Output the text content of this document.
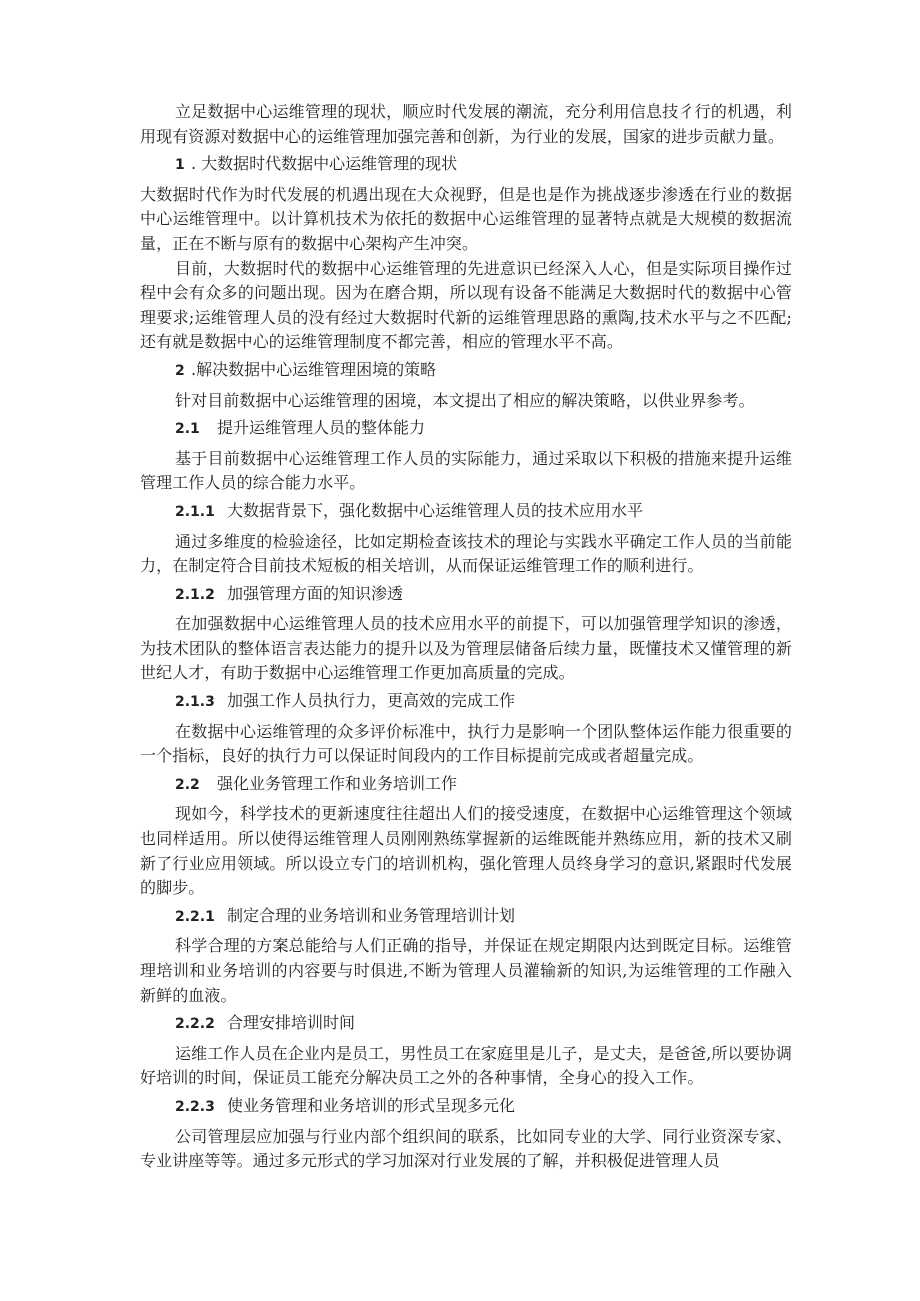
立足数据中心运维管理的现状，顺应时代发展的潮流，充分利用信息技彳行的机遇，利用现有资源对数据中心的运维管理加强完善和创新，为行业的发展，国家的进步贡献力量。

1 . 大数据时代数据中心运维管理的现状

大数据时代作为时代发展的机遇出现在大众视野，但是也是作为挑战逐步渗透在行业的数据中心运维管理中。以计算机技术为依托的数据中心运维管理的显著特点就是大规模的数据流量，正在不断与原有的数据中心架构产生冲突。

目前，大数据时代的数据中心运维管理的先进意识已经深入人心，但是实际项目操作过程中会有众多的问题出现。因为在磨合期，所以现有设备不能满足大数据时代的数据中心管理要求;运维管理人员的没有经过大数据时代新的运维管理思路的熏陶,技术水平与之不匹配;还有就是数据中心的运维管理制度不都完善，相应的管理水平不高。

2 .解决数据中心运维管理困境的策略

针对目前数据中心运维管理的困境，本文提出了相应的解决策略，以供业界参考。

2.1 提升运维管理人员的整体能力

基于目前数据中心运维管理工作人员的实际能力，通过采取以下积极的措施来提升运维管理工作人员的综合能力水平。

2.1.1 大数据背景下，强化数据中心运维管理人员的技术应用水平

通过多维度的检验途径，比如定期检查该技术的理论与实践水平确定工作人员的当前能力，在制定符合目前技术短板的相关培训，从而保证运维管理工作的顺利进行。

2.1.2 加强管理方面的知识渗透

在加强数据中心运维管理人员的技术应用水平的前提下，可以加强管理学知识的渗透，为技术团队的整体语言表达能力的提升以及为管理层储备后续力量，既懂技术又懂管理的新世纪人才，有助于数据中心运维管理工作更加高质量的完成。

2.1.3 加强工作人员执行力，更高效的完成工作

在数据中心运维管理的众多评价标准中，执行力是影响一个团队整体运作能力很重要的一个指标，良好的执行力可以保证时间段内的工作目标提前完成或者超量完成。

2.2 强化业务管理工作和业务培训工作

现如今，科学技术的更新速度往往超出人们的接受速度，在数据中心运维管理这个领域也同样适用。所以使得运维管理人员刚刚熟练掌握新的运维既能并熟练应用，新的技术又刷新了行业应用领域。所以设立专门的培训机构，强化管理人员终身学习的意识,紧跟时代发展的脚步。

2.2.1 制定合理的业务培训和业务管理培训计划

科学合理的方案总能给与人们正确的指导，并保证在规定期限内达到既定目标。运维管理培训和业务培训的内容要与时俱进,不断为管理人员灌输新的知识,为运维管理的工作融入新鲜的血液。

2.2.2 合理安排培训时间

运维工作人员在企业内是员工，男性员工在家庭里是儿子，是丈夫，是爸爸,所以要协调好培训的时间，保证员工能充分解决员工之外的各种事情，全身心的投入工作。

2.2.3 使业务管理和业务培训的形式呈现多元化

公司管理层应加强与行业内部个组织间的联系，比如同专业的大学、同行业资深专家、专业讲座等等。通过多元形式的学习加深对行业发展的了解，并积极促进管理人员
